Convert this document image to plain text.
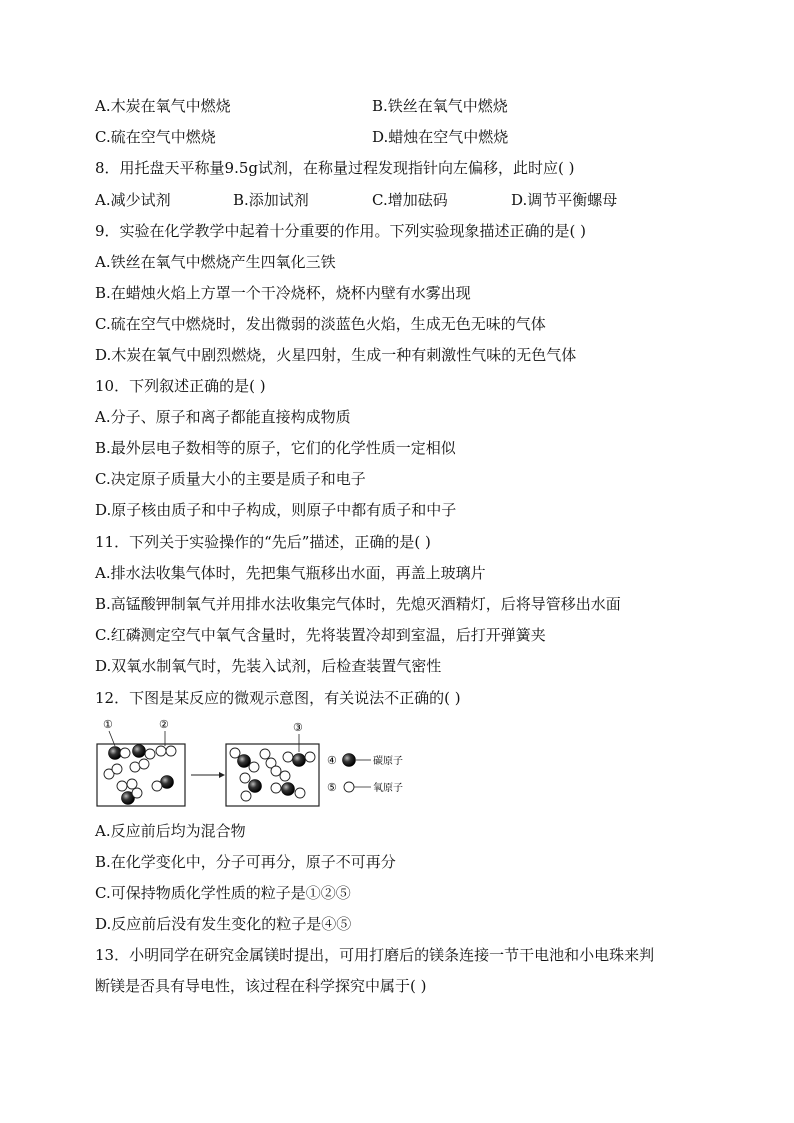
A.木炭在氧气中燃烧	B.铁丝在氧气中燃烧
C.硫在空气中燃烧	D.蜡烛在空气中燃烧
8．用托盘天平称量9.5g试剂，在称量过程发现指针向左偏移，此时应( )
A.减少试剂	B.添加试剂	C.增加砝码	D.调节平衡螺母
9．实验在化学教学中起着十分重要的作用。下列实验现象描述正确的是( )
A.铁丝在氧气中燃烧产生四氧化三铁
B.在蜡烛火焰上方罩一个干冷烧杯，烧杯内壁有水雾出现
C.硫在空气中燃烧时，发出微弱的淡蓝色火焰，生成无色无味的气体
D.木炭在氧气中剧烈燃烧，火星四射，生成一种有刺激性气味的无色气体
10．下列叙述正确的是( )
A.分子、原子和离子都能直接构成物质
B.最外层电子数相等的原子，它们的化学性质一定相似
C.决定原子质量大小的主要是质子和电子
D.原子核由质子和中子构成，则原子中都有质子和中子
11．下列关于实验操作的“先后”描述，正确的是( )
A.排水法收集气体时，先把集气瓶移出水面，再盖上玻璃片
B.高锰酸钾制氧气并用排水法收集完气体时，先熄灭酒精灯，后将导管移出水面
C.红磷测定空气中氧气含量时，先将装置冷却到室温，后打开弹簧夹
D.双氧水制氧气时，先装入试剂，后检查装置气密性
12．下图是某反应的微观示意图，有关说法不正确的( )
①	②	③
④	碳原子
⑤	氧原子
A.反应前后均为混合物
B.在化学变化中，分子可再分，原子不可再分
C.可保持物质化学性质的粒子是①②⑤
D.反应前后没有发生变化的粒子是④⑤
13．小明同学在研究金属镁时提出，可用打磨后的镁条连接一节干电池和小电珠来判
断镁是否具有导电性，该过程在科学探究中属于( )
